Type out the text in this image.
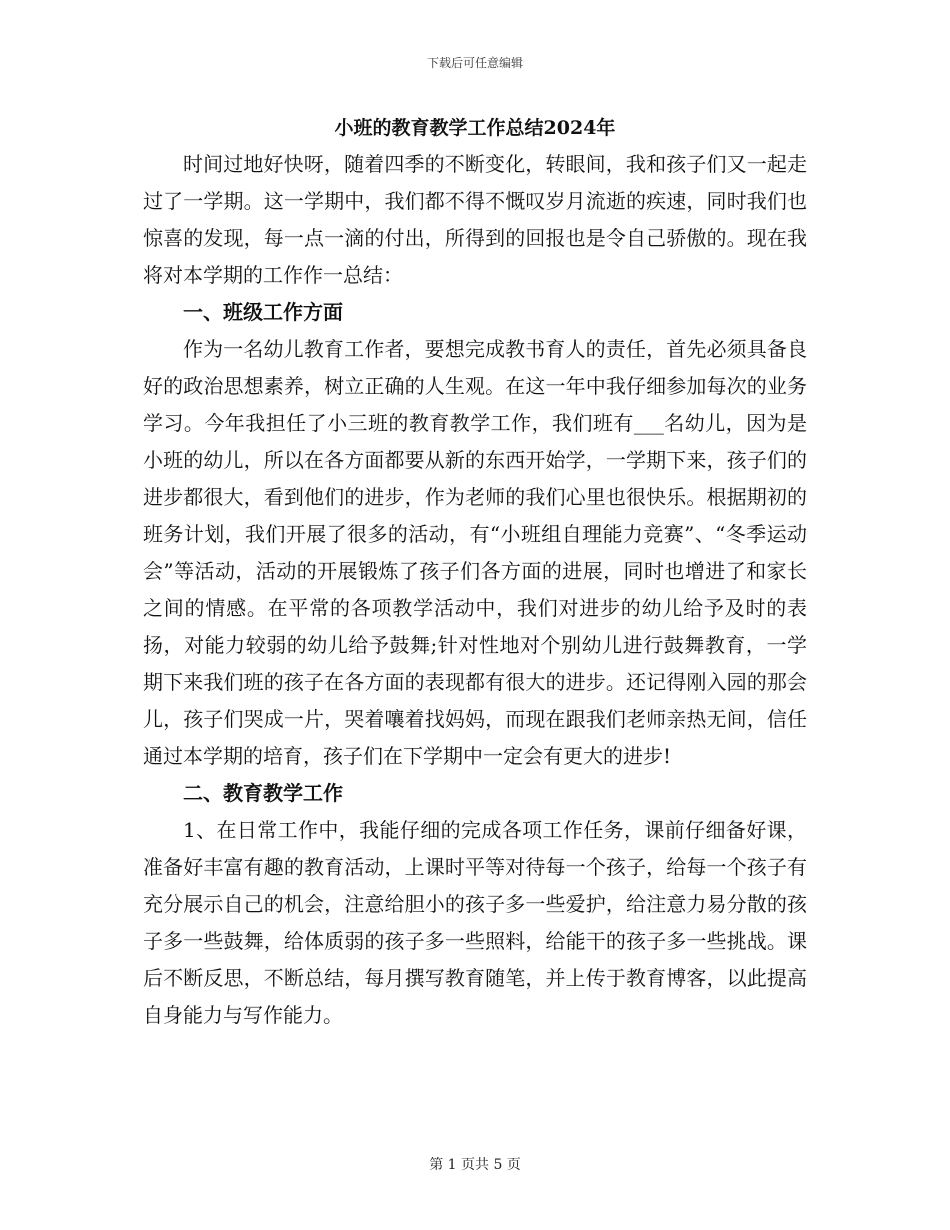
下载后可任意编辑
小班的教育教学工作总结2024年

时间过地好快呀，随着四季的不断变化，转眼间，我和孩子们又一起走过了一学期。这一学期中，我们都不得不慨叹岁月流逝的疾速，同时我们也惊喜的发现，每一点一滴的付出，所得到的回报也是令自己骄傲的。现在我将对本学期的工作作一总结：

一、班级工作方面

作为一名幼儿教育工作者，要想完成教书育人的责任，首先必须具备良好的政治思想素养，树立正确的人生观。在这一年中我仔细参加每次的业务学习。今年我担任了小三班的教育教学工作，我们班有___名幼儿，因为是小班的幼儿，所以在各方面都要从新的东西开始学，一学期下来，孩子们的进步都很大，看到他们的进步，作为老师的我们心里也很快乐。根据期初的班务计划，我们开展了很多的活动，有“小班组自理能力竞赛”、“冬季运动会”等活动，活动的开展锻炼了孩子们各方面的进展，同时也增进了和家长之间的情感。在平常的各项教学活动中，我们对进步的幼儿给予及时的表扬，对能力较弱的幼儿给予鼓舞;针对性地对个别幼儿进行鼓舞教育，一学期下来我们班的孩子在各方面的表现都有很大的进步。还记得刚入园的那会儿，孩子们哭成一片，哭着嚷着找妈妈，而现在跟我们老师亲热无间，信任通过本学期的培育，孩子们在下学期中一定会有更大的进步!

二、教育教学工作

1、在日常工作中，我能仔细的完成各项工作任务，课前仔细备好课，准备好丰富有趣的教育活动，上课时平等对待每一个孩子，给每一个孩子有充分展示自己的机会，注意给胆小的孩子多一些爱护，给注意力易分散的孩子多一些鼓舞，给体质弱的孩子多一些照料，给能干的孩子多一些挑战。课后不断反思，不断总结，每月撰写教育随笔，并上传于教育博客，以此提高自身能力与写作能力。

第 1 页共 5 页
